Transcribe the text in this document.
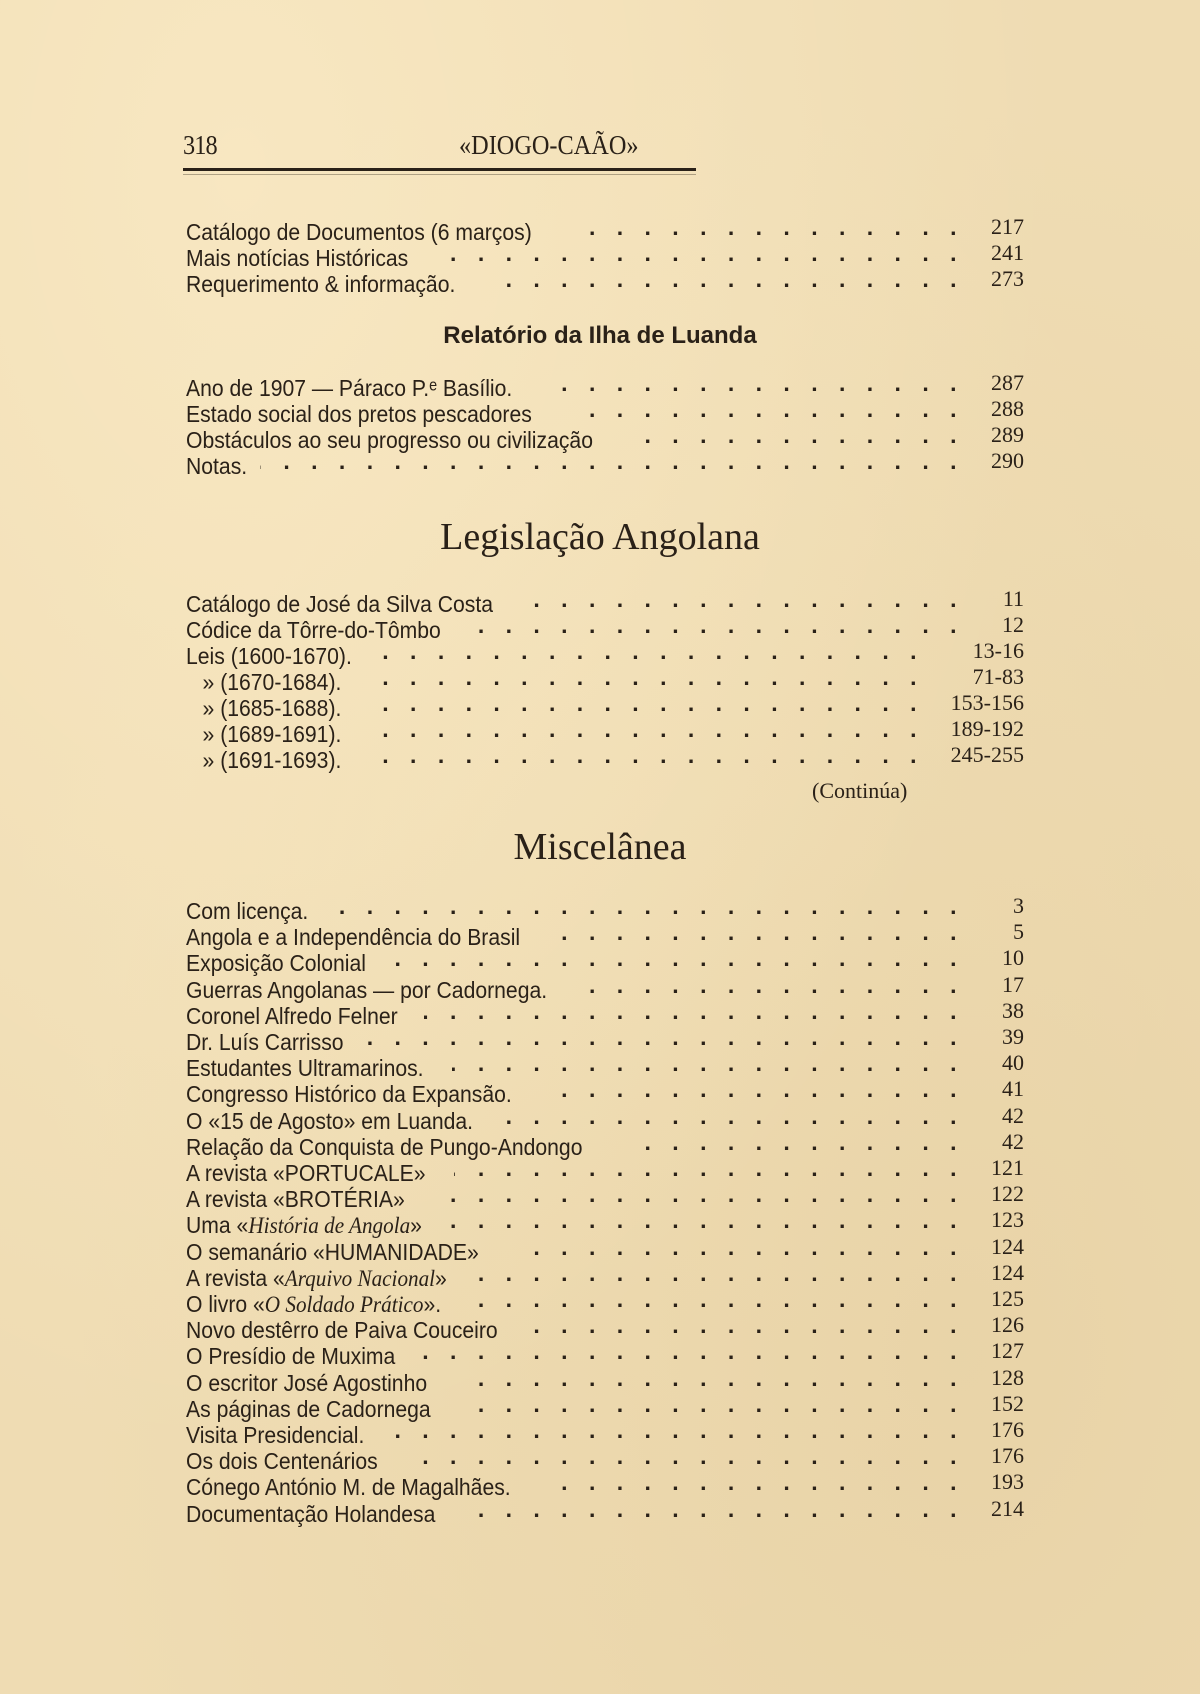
318	«DIOGO-CAÃO»
Catálogo de Documentos (6 marços) . . .	217
Mais notícias Históricas . . .	241
Requerimento & informação. . . .	273
Relatório da Ilha de Luanda
Ano de 1907 — Páraco P.ᵉ Basílio. . . .	287
Estado social dos pretos pescadores . . .	288
Obstáculos ao seu progresso ou civilização . . .	289
Notas. . . .	290
Legislação Angolana
Catálogo de José da Silva Costa . . .	11
Códice da Tôrre-do-Tômbo . . .	12
Leis (1600-1670). . . .	13-16
» (1670-1684). . . .	71-83
» (1685-1688). . . .	153-156
» (1689-1691). . . .	189-192
» (1691-1693). . . .	245-255
(Continúa)
Miscelânea
Com licença. . . .	3
Angola e a Independência do Brasil . . .	5
Exposição Colonial . . .	10
Guerras Angolanas — por Cadornega. . . .	17
Coronel Alfredo Felner . . .	38
Dr. Luís Carrisso . . .	39
Estudantes Ultramarinos. . . .	40
Congresso Histórico da Expansão. . . .	41
O «15 de Agosto» em Luanda. . . .	42
Relação da Conquista de Pungo-Andongo . . .	42
A revista «PORTUCALE» . . .	121
A revista «BROTÉRIA» . . .	122
Uma «História de Angola» . . .	123
O semanário «HUMANIDADE» . . .	124
A revista «Arquivo Nacional» . . .	124
O livro «O Soldado Prático». . . .	125
Novo destêrro de Paiva Couceiro . . .	126
O Presídio de Muxima . . .	127
O escritor José Agostinho . . .	128
As páginas de Cadornega . . .	152
Visita Presidencial. . . .	176
Os dois Centenários . . .	176
Cónego António M. de Magalhães. . . .	193
Documentação Holandesa . . .	214
